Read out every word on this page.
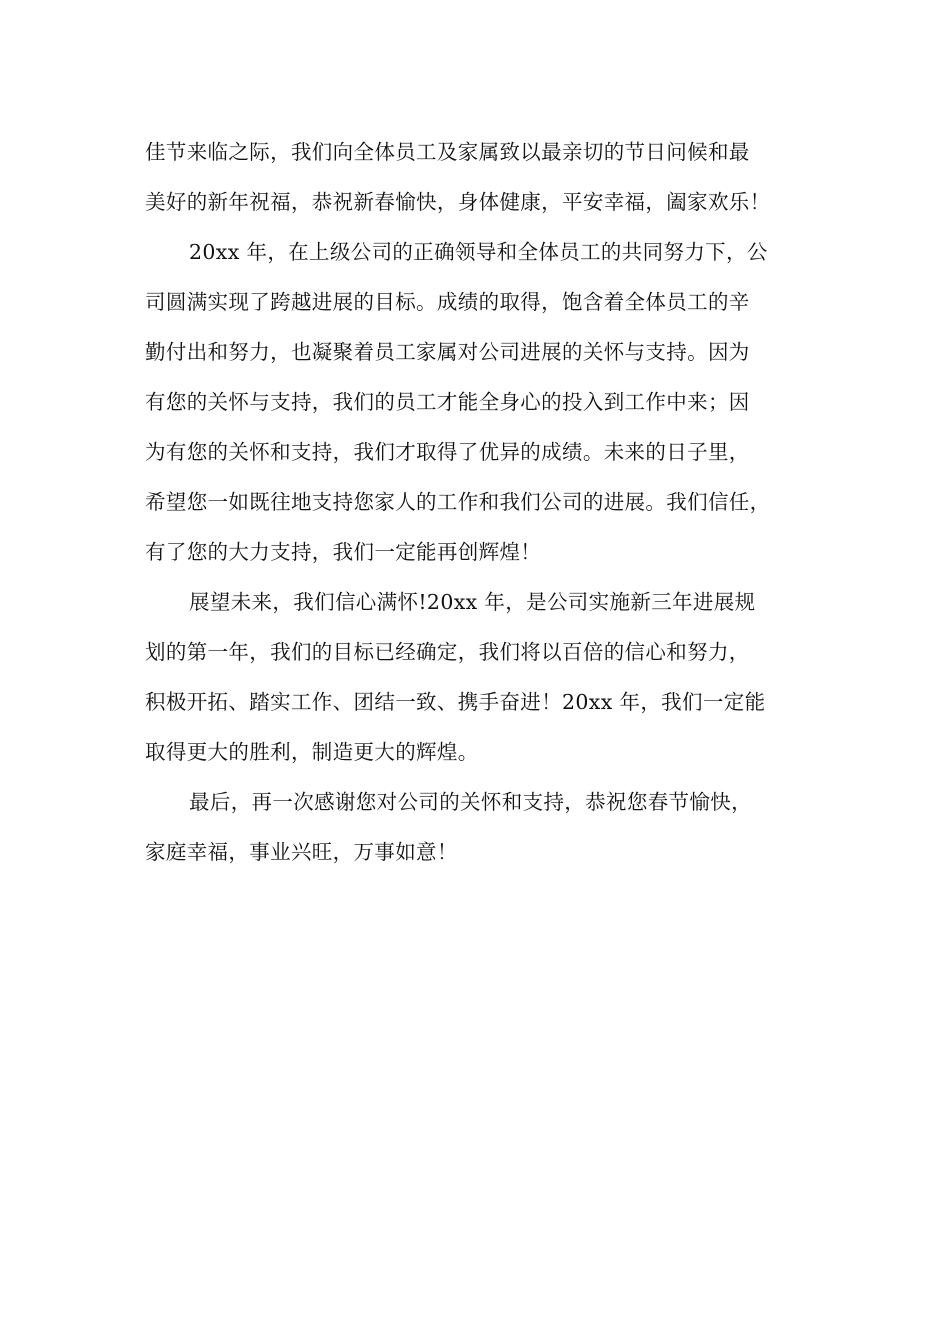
佳节来临之际，我们向全体员工及家属致以最亲切的节日问候和最
美好的新年祝福，恭祝新春愉快，身体健康，平安幸福，阖家欢乐！
20xx 年，在上级公司的正确领导和全体员工的共同努力下，公
司圆满实现了跨越进展的目标。成绩的取得，饱含着全体员工的辛
勤付出和努力，也凝聚着员工家属对公司进展的关怀与支持。因为
有您的关怀与支持，我们的员工才能全身心的投入到工作中来；因
为有您的关怀和支持，我们才取得了优异的成绩。未来的日子里，
希望您一如既往地支持您家人的工作和我们公司的进展。我们信任，
有了您的大力支持，我们一定能再创辉煌！
展望未来，我们信心满怀!20xx 年，是公司实施新三年进展规
划的第一年，我们的目标已经确定，我们将以百倍的信心和努力，
积极开拓、踏实工作、团结一致、携手奋进！20xx 年，我们一定能
取得更大的胜利，制造更大的辉煌。
最后，再一次感谢您对公司的关怀和支持，恭祝您春节愉快，
家庭幸福，事业兴旺，万事如意！
